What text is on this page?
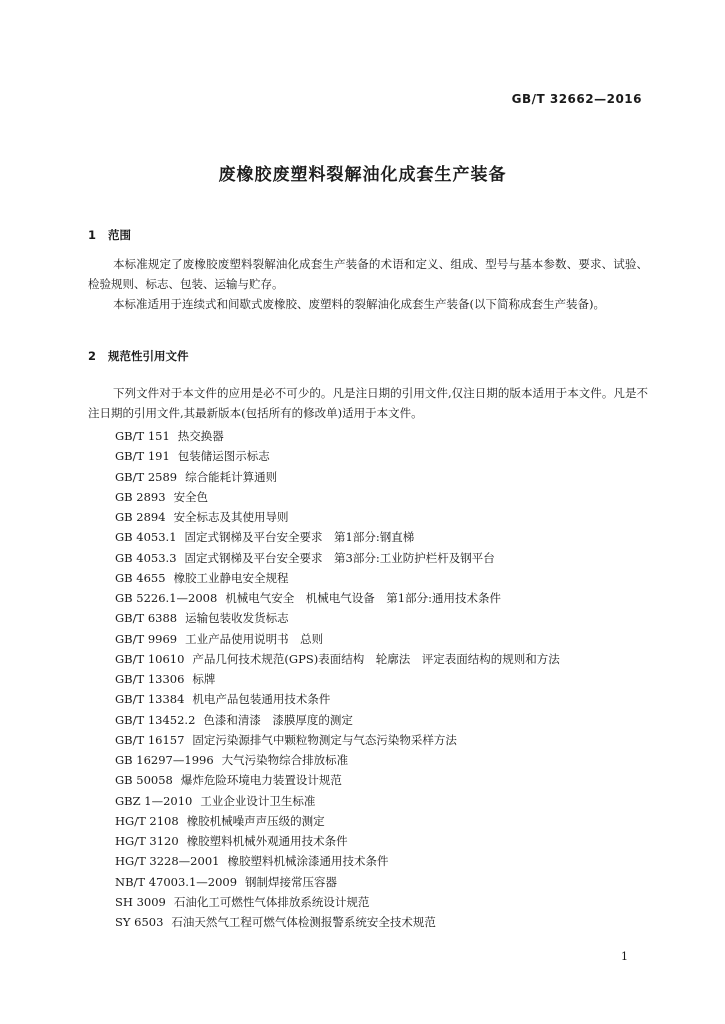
GB/T 32662—2016
废橡胶废塑料裂解油化成套生产装备
1 范围

本标准规定了废橡胶废塑料裂解油化成套生产装备的术语和定义、组成、型号与基本参数、要求、试验、检验规则、标志、包装、运输与贮存。

本标准适用于连续式和间歇式废橡胶、废塑料的裂解油化成套生产装备(以下简称成套生产装备)。

2 规范性引用文件

下列文件对于本文件的应用是必不可少的。凡是注日期的引用文件,仅注日期的版本适用于本文件。凡是不注日期的引用文件,其最新版本(包括所有的修改单)适用于本文件。

GB/T 151 热交换器
GB/T 191 包装储运图示标志
GB/T 2589 综合能耗计算通则
GB 2893 安全色
GB 2894 安全标志及其使用导则
GB 4053.1 固定式钢梯及平台安全要求　第1部分:钢直梯
GB 4053.3 固定式钢梯及平台安全要求　第3部分:工业防护栏杆及钢平台
GB 4655 橡胶工业静电安全规程
GB 5226.1—2008 机械电气安全　机械电气设备　第1部分:通用技术条件
GB/T 6388 运输包装收发货标志
GB/T 9969 工业产品使用说明书　总则
GB/T 10610 产品几何技术规范(GPS)表面结构　轮廓法　评定表面结构的规则和方法
GB/T 13306 标牌
GB/T 13384 机电产品包装通用技术条件
GB/T 13452.2 色漆和清漆　漆膜厚度的测定
GB/T 16157 固定污染源排气中颗粒物测定与气态污染物采样方法
GB 16297—1996 大气污染物综合排放标准
GB 50058 爆炸危险环境电力装置设计规范
GBZ 1—2010 工业企业设计卫生标准
HG/T 2108 橡胶机械噪声声压级的测定
HG/T 3120 橡胶塑料机械外观通用技术条件
HG/T 3228—2001 橡胶塑料机械涂漆通用技术条件
NB/T 47003.1—2009 钢制焊接常压容器
SH 3009 石油化工可燃性气体排放系统设计规范
SY 6503 石油天然气工程可燃气体检测报警系统安全技术规范
1
